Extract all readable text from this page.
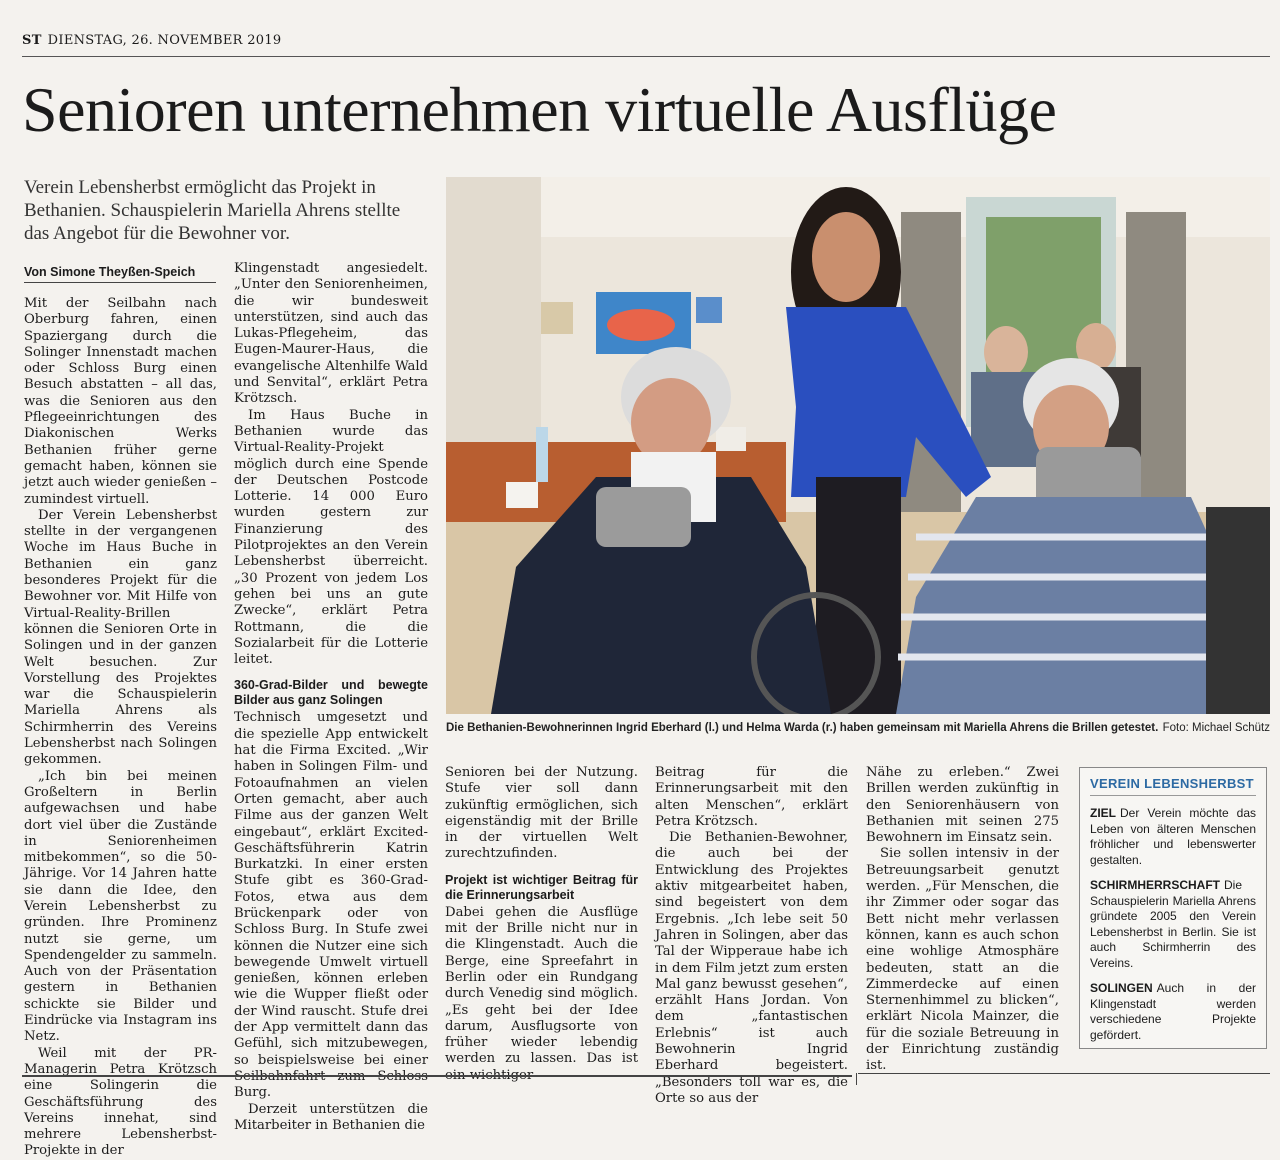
ST DIENSTAG, 26. NOVEMBER 2019
Senioren unternehmen virtuelle Ausflüge
Verein Lebensherbst ermöglicht das Projekt in Bethanien. Schauspielerin Mariella Ahrens stellte das Angebot für die Bewohner vor.
Von Simone Theyßen-Speich

Mit der Seilbahn nach Oberburg fahren, einen Spaziergang durch die Solinger Innenstadt machen oder Schloss Burg einen Besuch abstatten – all das, was die Senioren aus den Pflegeeinrichtungen des Diakonischen Werks Bethanien früher gerne gemacht haben, können sie jetzt auch wieder genießen – zumindest virtuell.

Der Verein Lebensherbst stellte in der vergangenen Woche im Haus Buche in Bethanien ein ganz besonderes Projekt für die Bewohner vor. Mit Hilfe von Virtual-Reality-Brillen können die Senioren Orte in Solingen und in der ganzen Welt besuchen. Zur Vorstellung des Projektes war die Schauspielerin Mariella Ahrens als Schirmherrin des Vereins Lebensherbst nach Solingen gekommen.

„Ich bin bei meinen Großeltern in Berlin aufgewachsen und habe dort viel über die Zustände in Seniorenheimen mitbekommen“, so die 50-Jährige. Vor 14 Jahren hatte sie dann die Idee, den Verein Lebensherbst zu gründen. Ihre Prominenz nutzt sie gerne, um Spendengelder zu sammeln. Auch von der Präsentation gestern in Bethanien schickte sie Bilder und Eindrücke via Instagram ins Netz.

Weil mit der PR-Managerin Petra Krötzsch eine Solingerin die Geschäftsführung des Vereins innehat, sind mehrere Lebensherbst-Projekte in der

Klingenstadt angesiedelt. „Unter den Seniorenheimen, die wir bundesweit unterstützen, sind auch das Lukas-Pflegeheim, das Eugen-Maurer-Haus, die evangelische Altenhilfe Wald und Senvital“, erklärt Petra Krötzsch.

Im Haus Buche in Bethanien wurde das Virtual-Reality-Projekt möglich durch eine Spende der Deutschen Postcode Lotterie. 14 000 Euro wurden gestern zur Finanzierung des Pilotprojektes an den Verein Lebensherbst überreicht. „30 Prozent von jedem Los gehen bei uns an gute Zwecke“, erklärt Petra Rottmann, die die Sozialarbeit für die Lotterie leitet.

360-Grad-Bilder und bewegte Bilder aus ganz Solingen

Technisch umgesetzt und die spezielle App entwickelt hat die Firma Excited. „Wir haben in Solingen Film- und Fotoaufnahmen an vielen Orten gemacht, aber auch Filme aus der ganzen Welt eingebaut“, erklärt Excited-Geschäftsführerin Katrin Burkatzki. In einer ersten Stufe gibt es 360-Grad-Fotos, etwa aus dem Brückenpark oder von Schloss Burg. In Stufe zwei können die Nutzer eine sich bewegende Umwelt virtuell genießen, können erleben wie die Wupper fließt oder der Wind rauscht. Stufe drei der App vermittelt dann das Gefühl, sich mitzubewegen, so beispielsweise bei einer Seilbahnfahrt zum Schloss Burg.

Derzeit unterstützen die Mitarbeiter in Bethanien die

Die Bethanien-Bewohnerinnen Ingrid Eberhard (l.) und Helma Warda (r.) haben gemeinsam mit Mariella Ahrens die Brillen getestet. Foto: Michael Schütz

Senioren bei der Nutzung. Stufe vier soll dann zukünftig ermöglichen, sich eigenständig mit der Brille in der virtuellen Welt zurechtzufinden.

Projekt ist wichtiger Beitrag für die Erinnerungsarbeit

Dabei gehen die Ausflüge mit der Brille nicht nur in die Klingenstadt. Auch die Berge, eine Spreefahrt in Berlin oder ein Rundgang durch Venedig sind möglich. „Es geht bei der Idee darum, Ausflugsorte von früher wieder lebendig werden zu lassen. Das ist ein wichtiger

Beitrag für die Erinnerungsarbeit mit den alten Menschen“, erklärt Petra Krötzsch.

Die Bethanien-Bewohner, die auch bei der Entwicklung des Projektes aktiv mitgearbeitet haben, sind begeistert von dem Ergebnis. „Ich lebe seit 50 Jahren in Solingen, aber das Tal der Wipperaue habe ich in dem Film jetzt zum ersten Mal ganz bewusst gesehen“, erzählt Hans Jordan. Von dem „fantastischen Erlebnis“ ist auch Bewohnerin Ingrid Eberhard begeistert. „Besonders toll war es, die Orte so aus der

Nähe zu erleben.“ Zwei Brillen werden zukünftig in den Seniorenhäusern von Bethanien mit seinen 275 Bewohnern im Einsatz sein.

Sie sollen intensiv in der Betreuungsarbeit genutzt werden. „Für Menschen, die ihr Zimmer oder sogar das Bett nicht mehr verlassen können, kann es auch schon eine wohlige Atmosphäre bedeuten, statt an die Zimmerdecke auf einen Sternenhimmel zu blicken“, erklärt Nicola Mainzer, die für die soziale Betreuung in der Einrichtung zuständig ist.

VEREIN LEBENSHERBST

ZIEL Der Verein möchte das Leben von älteren Menschen fröhlicher und lebenswerter gestalten.

SCHIRMHERRSCHAFT Die Schauspielerin Mariella Ahrens gründete 2005 den Verein Lebensherbst in Berlin. Sie ist auch Schirmherrin des Vereins.

SOLINGEN Auch in der Klingenstadt werden verschiedene Projekte gefördert.
